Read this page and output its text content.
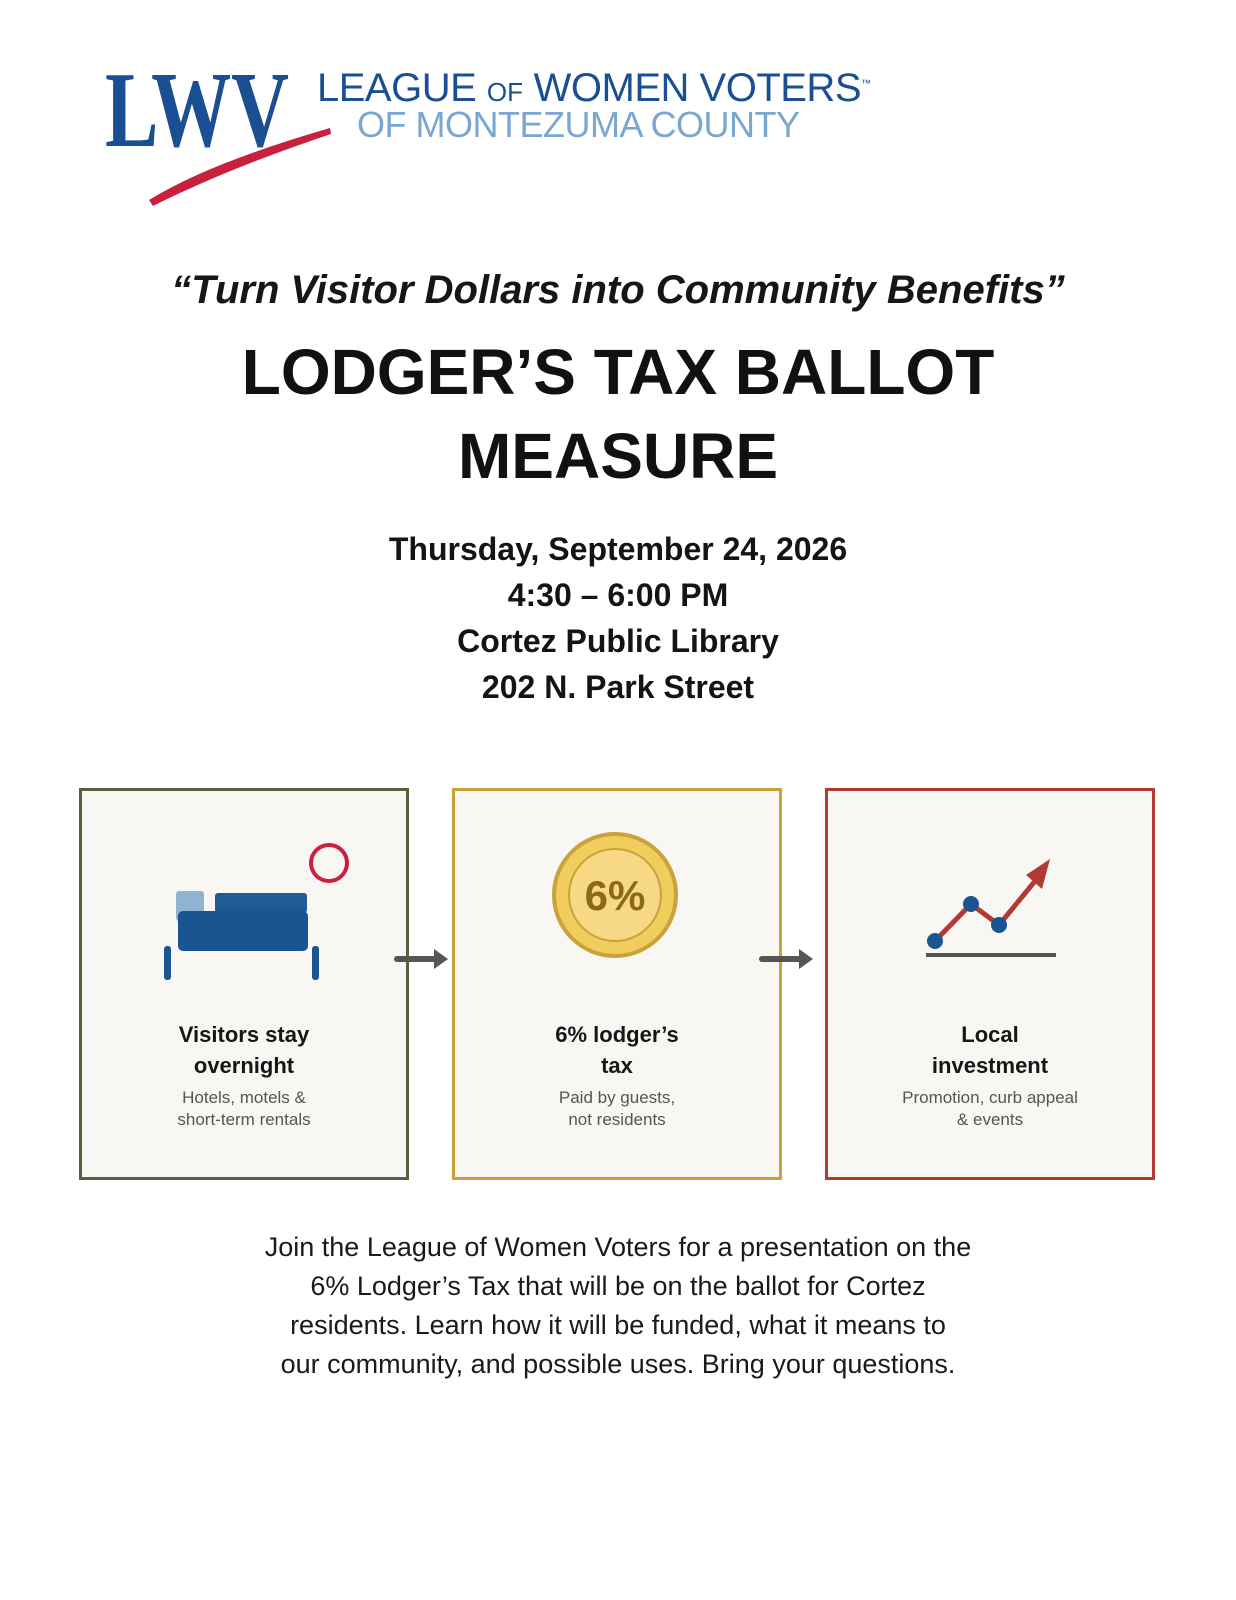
LWV LEAGUE OF WOMEN VOTERS™
OF MONTEZUMA COUNTY
“Turn Visitor Dollars into Community Benefits”
LODGER’S TAX BALLOT
MEASURE
Thursday, September 24, 2026
4:30 – 6:00 PM
Cortez Public Library
202 N. Park Street
Visitors stay
overnight
Hotels, motels &
short-term rentals
6%
6% lodger’s
tax
Paid by guests,
not residents
Local
investment
Promotion, curb appeal
& events
Join the League of Women Voters for a presentation on the
6% Lodger’s Tax that will be on the ballot for Cortez
residents. Learn how it will be funded, what it means to
our community, and possible uses. Bring your questions.
